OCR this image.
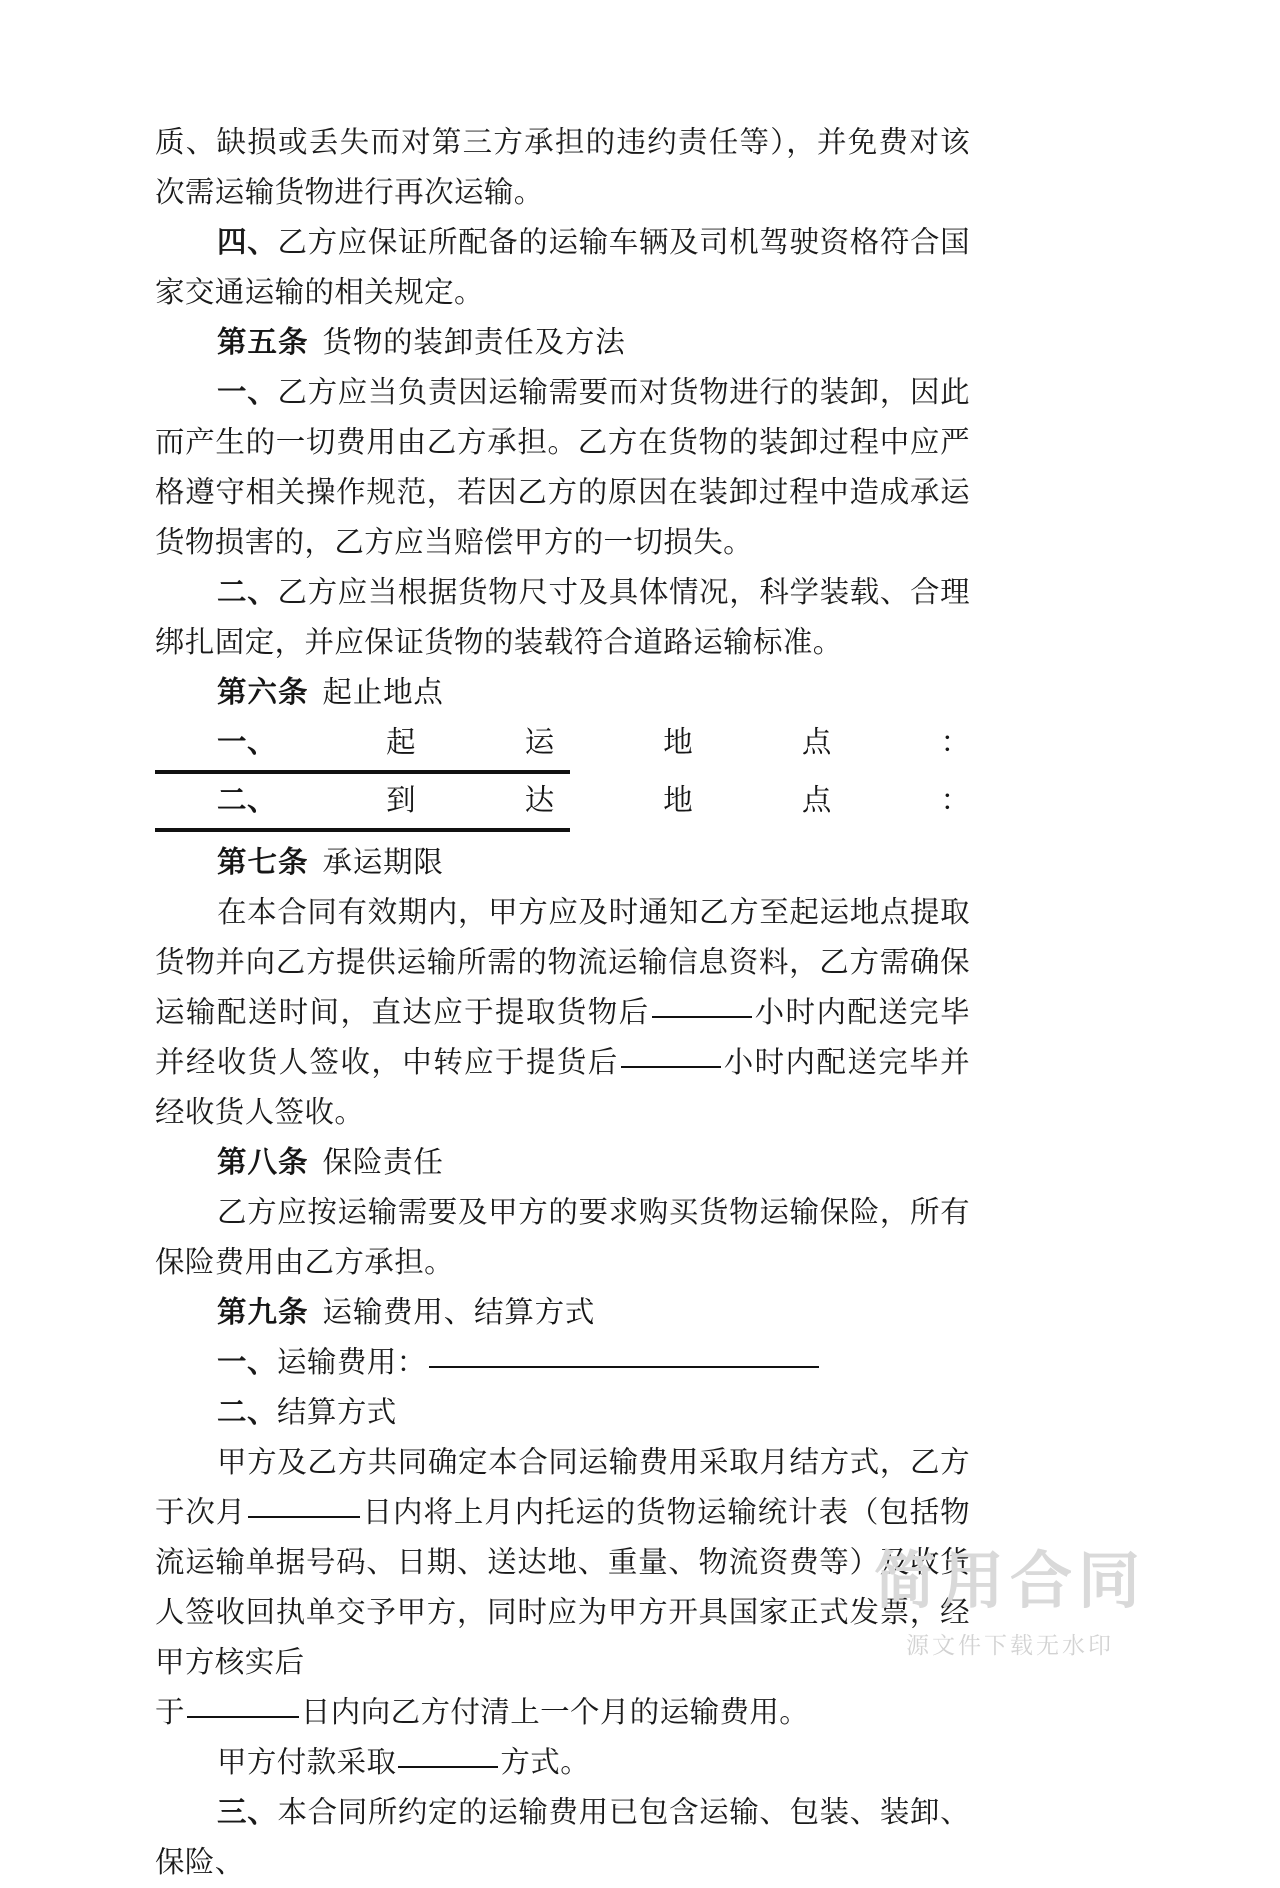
质、缺损或丢失而对第三方承担的违约责任等），并免费对该次需运输货物进行再次运输。

四、乙方应保证所配备的运输车辆及司机驾驶资格符合国家交通运输的相关规定。

第五条 货物的装卸责任及方法

一、乙方应当负责因运输需要而对货物进行的装卸，因此而产生的一切费用由乙方承担。乙方在货物的装卸过程中应严格遵守相关操作规范，若因乙方的原因在装卸过程中造成承运货物损害的，乙方应当赔偿甲方的一切损失。

二、乙方应当根据货物尺寸及具体情况，科学装载、合理绑扎固定，并应保证货物的装载符合道路运输标准。

第六条 起止地点
一、	起	运	地	点	：
二、	到	达	地	点	：
第七条 承运期限

在本合同有效期内，甲方应及时通知乙方至起运地点提取货物并向乙方提供运输所需的物流运输信息资料，乙方需确保运输配送时间，直达应于提取货物后	小时内配送完毕并经收货人签收，中转应于提货后	小时内配送完毕并经收货人签收。

第八条 保险责任

乙方应按运输需要及甲方的要求购买货物运输保险，所有保险费用由乙方承担。

第九条 运输费用、结算方式

一、运输费用：

二、结算方式

甲方及乙方共同确定本合同运输费用采取月结方式，乙方于次月	日内将上月内托运的货物运输统计表（包括物流运输单据号码、日期、送达地、重量、物流资费等）及收货人签收回执单交予甲方，同时应为甲方开具国家正式发票，经甲方核实后

于	日内向乙方付清上一个月的运输费用。

甲方付款采取	方式。

三、本合同所约定的运输费用已包含运输、包装、装卸、保险、

简用合同
源文件下载无水印
